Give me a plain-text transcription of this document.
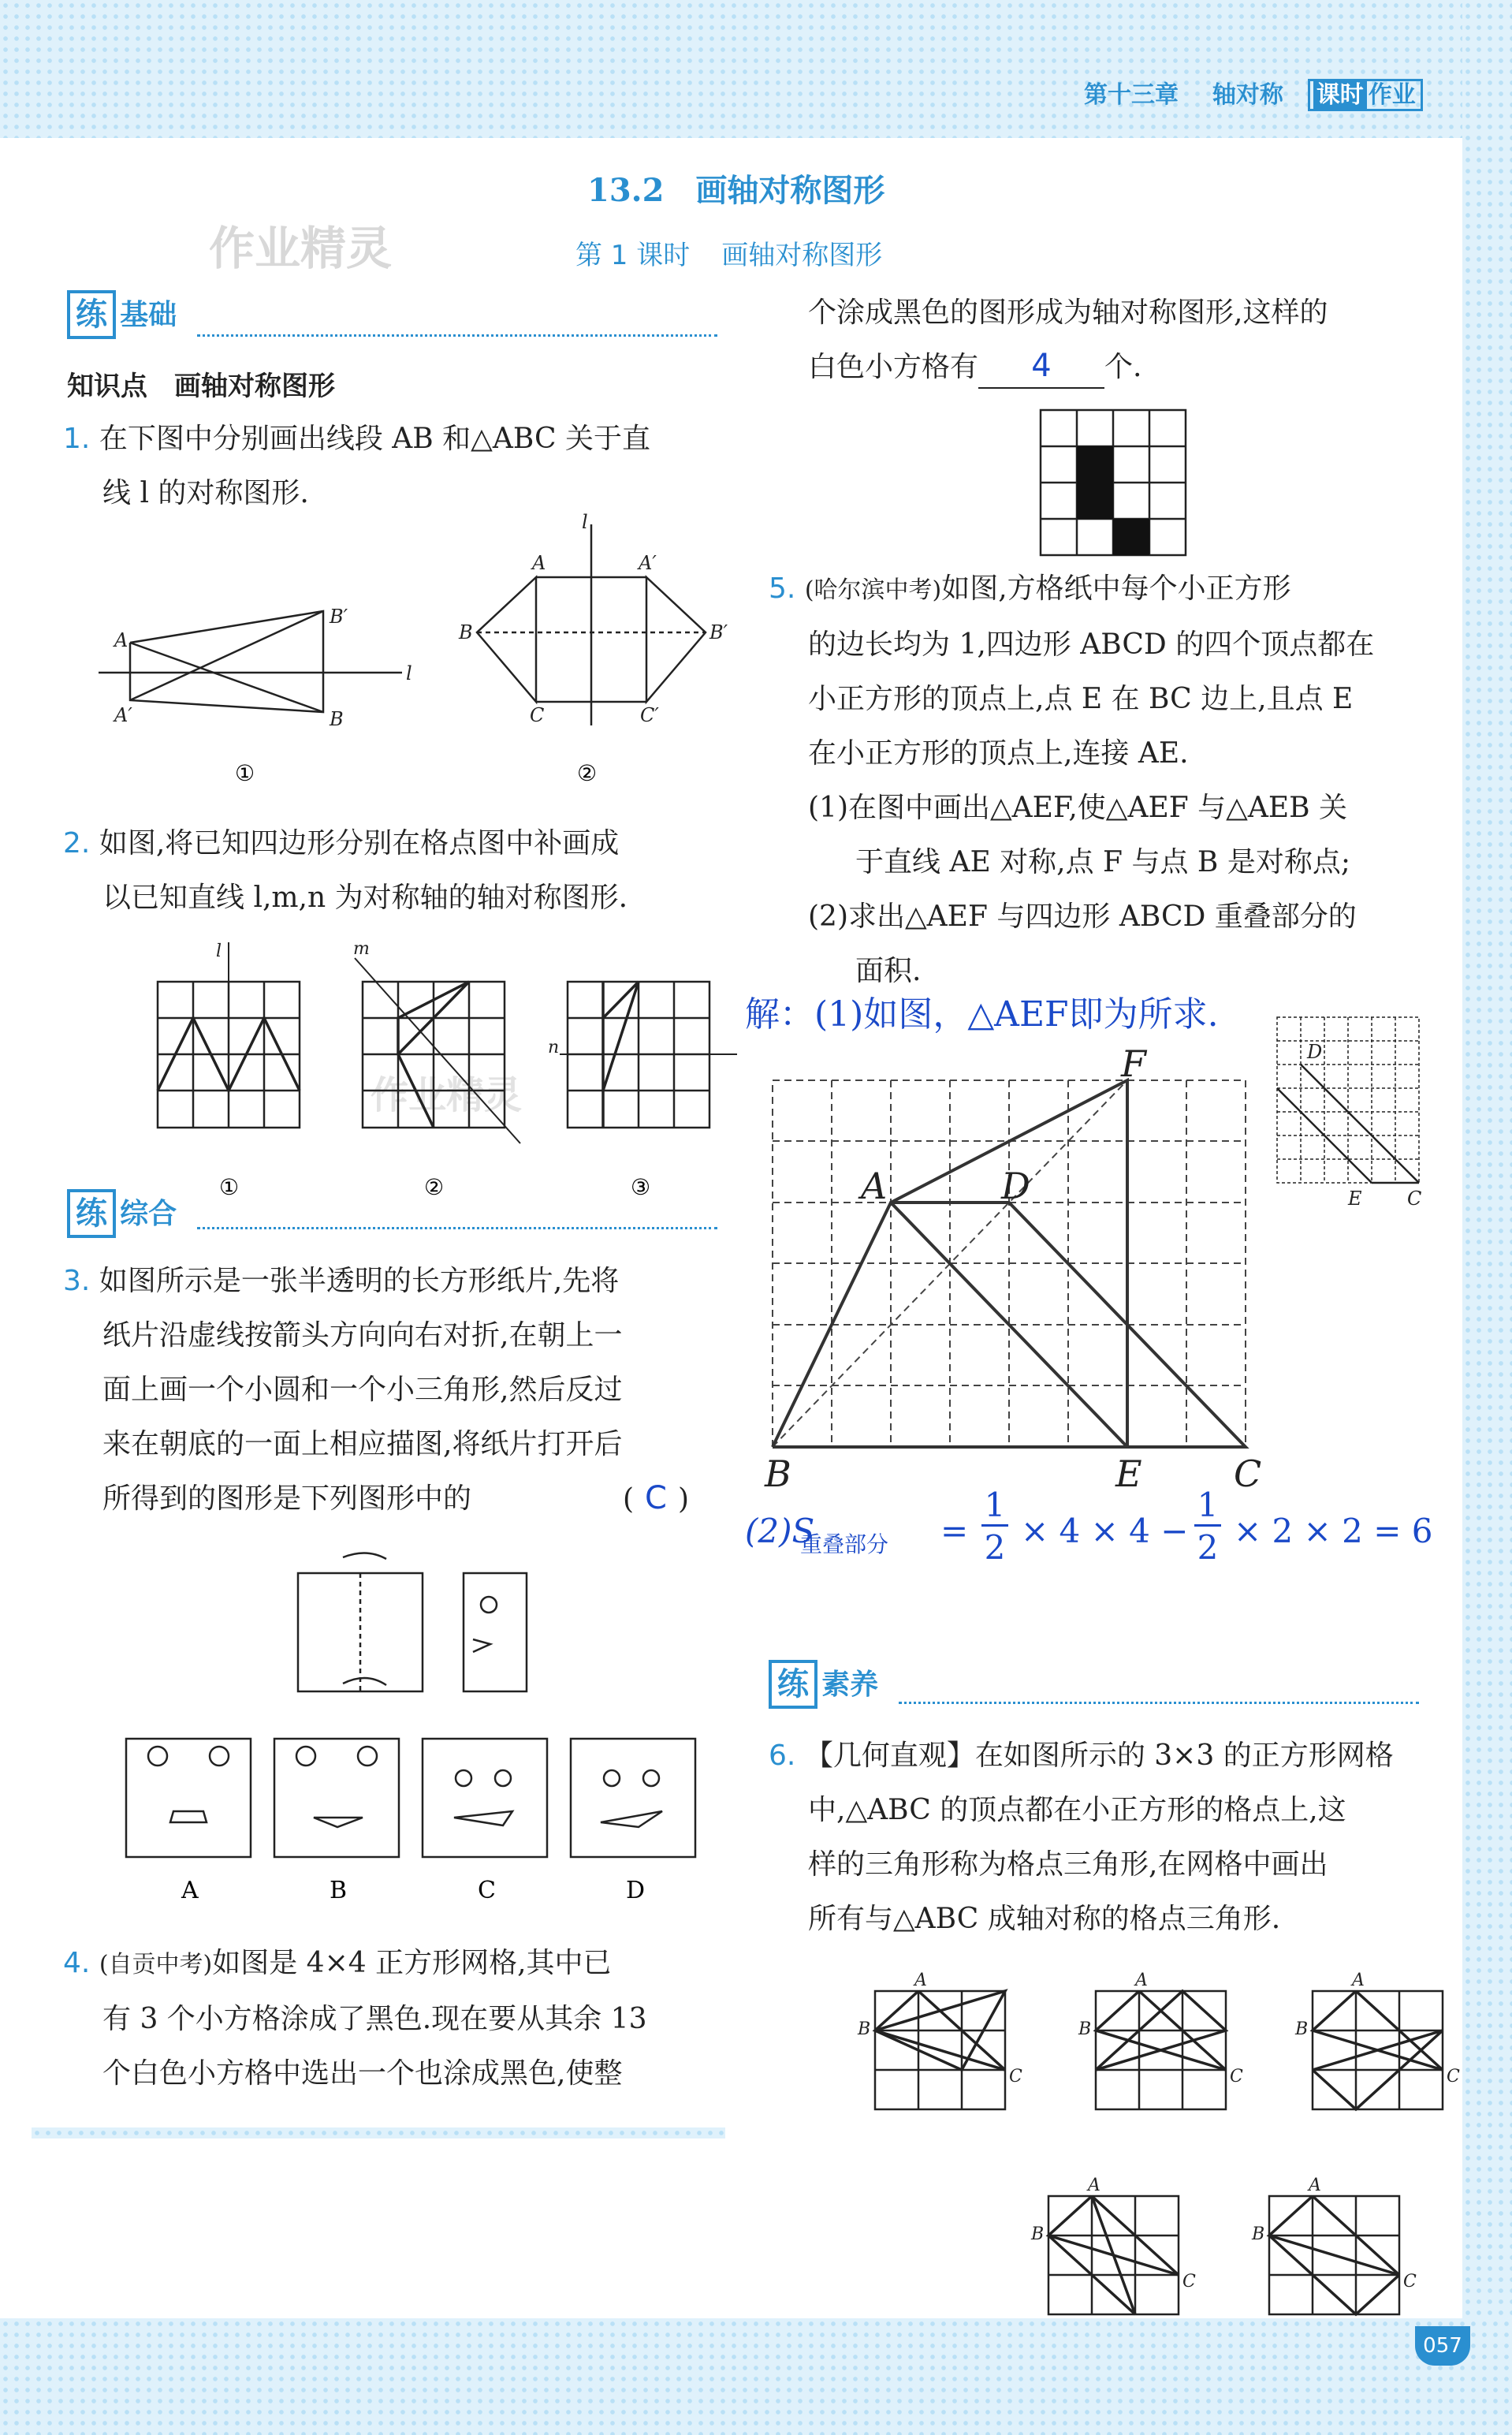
第十三章 轴对称 课时 作业
13.2 画轴对称图形
第 1 课时 画轴对称图形
作业精灵
作业精灵
练 基础
知识点　画轴对称图形
1. 在下图中分别画出线段 AB 和△ABC 关于直
线 l 的对称图形.
A
A′
B′
B
l
l
A	A′
B	B′
C	C′
①	②
2. 如图,将已知四边形分别在格点图中补画成
以已知直线 l,m,n 为对称轴的轴对称图形.
l	m
n
①	②	③
练 综合
3. 如图所示是一张半透明的长方形纸片,先将
纸片沿虚线按箭头方向向右对折,在朝上一
面上画一个小圆和一个小三角形,然后反过
来在朝底的一面上相应描图,将纸片打开后
所得到的图形是下列图形中的	( C )
A	B	C	D
4. (自贡中考)如图是 4×4 正方形网格,其中已
有 3 个小方格涂成了黑色.现在要从其余 13
个白色小方格中选出一个也涂成黑色,使整
个涂成黑色的图形成为轴对称图形,这样的
白色小方格有 4 个.
5. (哈尔滨中考)如图,方格纸中每个小正方形
的边长均为 1,四边形 ABCD 的四个顶点都在
小正方形的顶点上,点 E 在 BC 边上,且点 E
在小正方形的顶点上,连接 AE.
(1)在图中画出△AEF,使△AEF 与△AEB 关
于直线 AE 对称,点 F 与点 B 是对称点;
(2)求出△AEF 与四边形 ABCD 重叠部分的
面积.
解：(1)如图，△AEF即为所求.
D
E C
A	D
F
B	E	C
(2)S
重叠部分 =
1
2 × 4 × 4 −
1
2 × 2 × 2 = 6
练 素养
6. 【几何直观】在如图所示的 3×3 的正方形网格
中,△ABC 的顶点都在小正方形的格点上,这
样的三角形称为格点三角形,在网格中画出
所有与△ABC 成轴对称的格点三角形.
A
B
C
A
B
C
A
B
C
A
B
C
A
B
C
057
